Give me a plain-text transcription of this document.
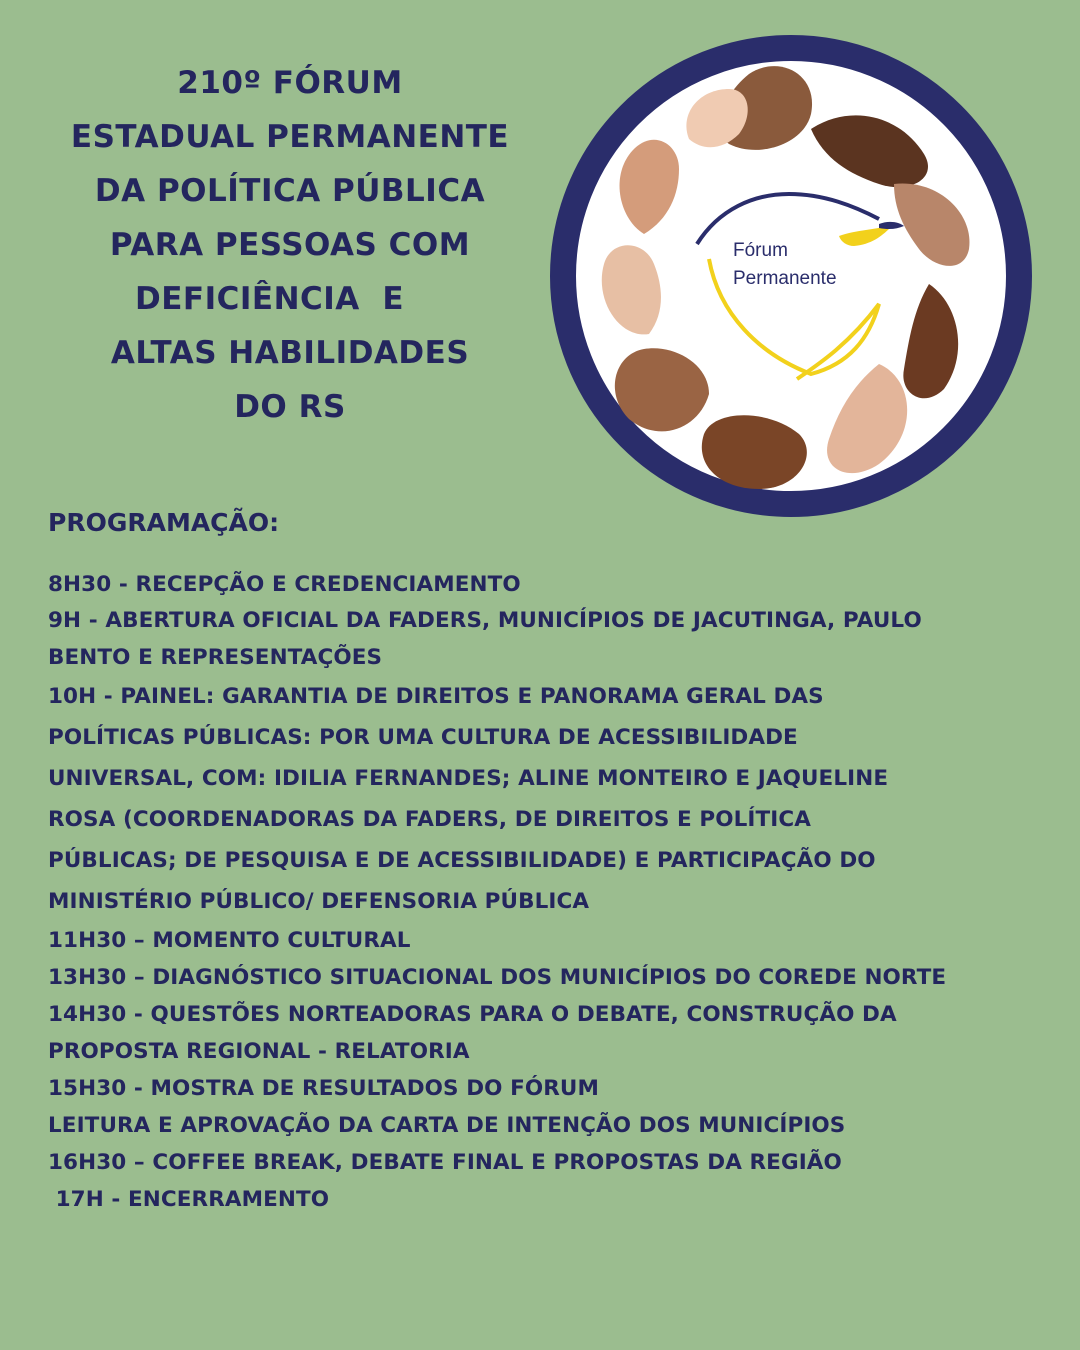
210º FÓRUM
ESTADUAL PERMANENTE
DA POLÍTICA PÚBLICA
PARA PESSOAS COM
DEFICIÊNCIA  E
ALTAS HABILIDADES
DO RS
Fórum
Permanente
PROGRAMAÇÃO:
8H30 - RECEPÇÃO E CREDENCIAMENTO
9H - ABERTURA OFICIAL DA FADERS, MUNICÍPIOS DE JACUTINGA, PAULO
BENTO E REPRESENTAÇÕES
10H - PAINEL: GARANTIA DE DIREITOS E PANORAMA GERAL DAS
POLÍTICAS PÚBLICAS: POR UMA CULTURA DE ACESSIBILIDADE
UNIVERSAL, COM: IDILIA FERNANDES; ALINE MONTEIRO E JAQUELINE
ROSA (COORDENADORAS DA FADERS, DE DIREITOS E POLÍTICA
PÚBLICAS; DE PESQUISA E DE ACESSIBILIDADE) E PARTICIPAÇÃO DO
MINISTÉRIO PÚBLICO/ DEFENSORIA PÚBLICA
11H30 – MOMENTO CULTURAL
13H30 – DIAGNÓSTICO SITUACIONAL DOS MUNICÍPIOS DO COREDE NORTE
14H30 - QUESTÕES NORTEADORAS PARA O DEBATE, CONSTRUÇÃO DA
PROPOSTA REGIONAL - RELATORIA
15H30 - MOSTRA DE RESULTADOS DO FÓRUM
LEITURA E APROVAÇÃO DA CARTA DE INTENÇÃO DOS MUNICÍPIOS
16H30 – COFFEE BREAK, DEBATE FINAL E PROPOSTAS DA REGIÃO
17H - ENCERRAMENTO
